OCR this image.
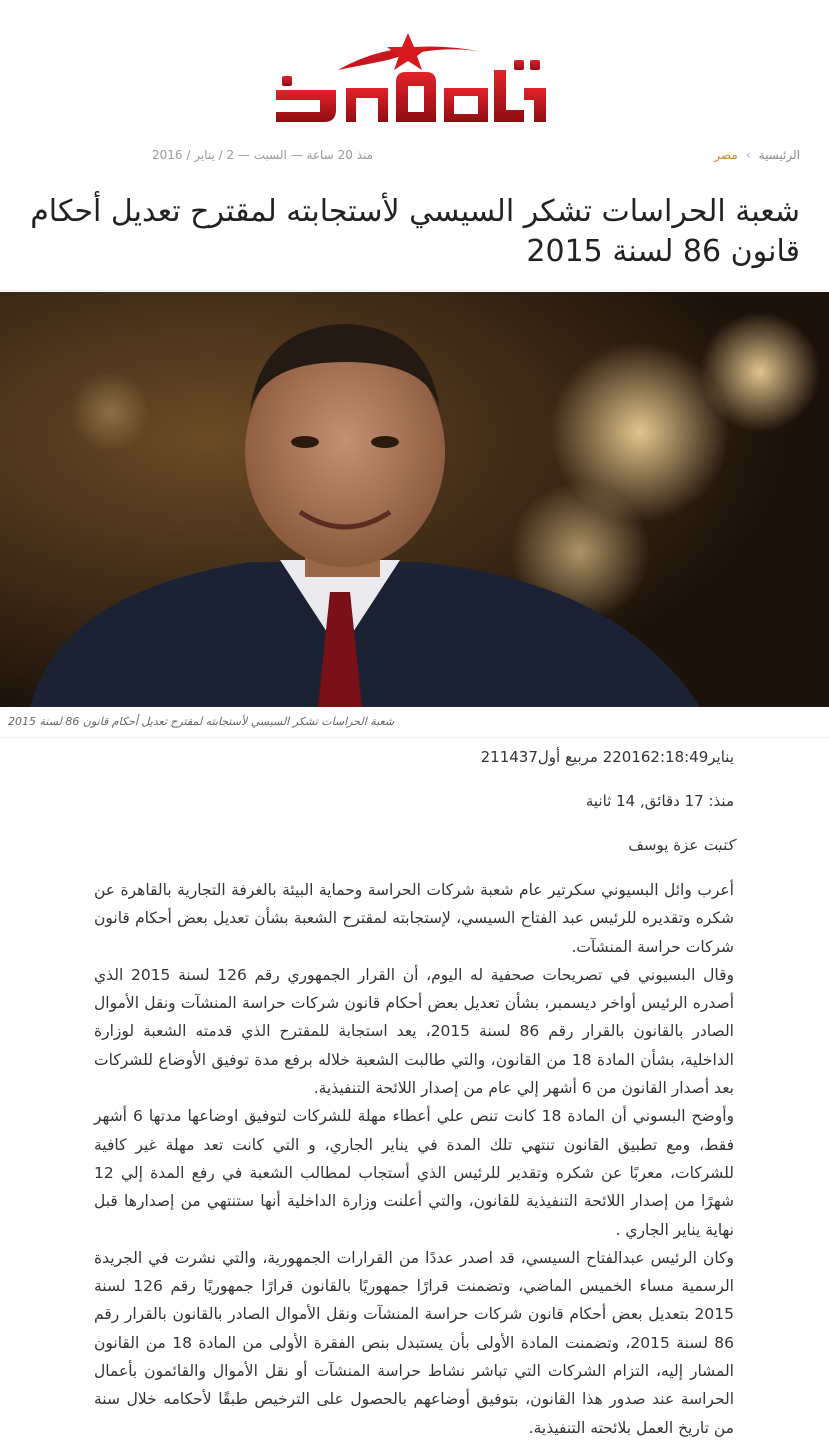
الرئيسية
›
مصر
منذ 20 ساعة — السبت — 2 / يناير / 2016
شعبة الحراسات تشكر السيسي لأستجابته لمقترح تعديل أحكام قانون 86 لسنة 2015
شعبة الحراسات تشكر السيسي لأستجابته لمقترح تعديل أحكام قانون 86 لسنة 2015
يناير220162:18:49 مربيع أول211437
منذ: 17 دقائق, 14 ثانية
كتبت عزة يوسف

أعرب وائل البسيوني سكرتير عام شعبة شركات الحراسة وحماية البيئة بالغرفة التجارية بالقاهرة عن شكره وتقديره للرئيس عبد الفتاح السيسي، لإستجابته لمقترح الشعبة بشأن تعديل بعض أحكام قانون شركات حراسة المنشآت.

وقال البسيوني في تصريحات صحفية له اليوم، أن القرار الجمهوري رقم 126 لسنة 2015 الذي أصدره الرئيس أواخر ديسمبر، بشأن تعديل بعض أحكام قانون شركات حراسة المنشآت ونقل الأموال الصادر بالقانون بالقرار رقم 86 لسنة 2015، يعد استجابة للمقترح الذي قدمته الشعبة لوزارة الداخلية، بشأن المادة 18 من القانون، والتي طالبت الشعبة خلاله برفع مدة توفيق الأوضاع للشركات بعد أصدار القانون من 6 أشهر إلي عام من إصدار اللائحة التنفيذية.

وأوضح البسوني أن المادة 18 كانت تنص علي أعطاء مهلة للشركات لتوفيق اوضاعها مدتها 6 أشهر فقط، ومع تطبيق القانون تنتهي تلك المدة في يناير الجاري، و التي كانت تعد مهلة غير كافية للشركات، معربًا عن شكره وتقدير للرئيس الذي أستجاب لمطالب الشعبة في رفع المدة إلي 12 شهرًا من إصدار اللائحة التنفيذية للقانون، والتي أعلنت وزارة الداخلية أنها ستنتهي من إصدارها قبل نهاية يناير الجاري .

وكان الرئيس عبدالفتاح السيسي، قد اصدر عددًا من القرارات الجمهورية، والتي نشرت في الجريدة الرسمية مساء الخميس الماضي، وتضمنت قرارًا جمهوريًا بالقانون قرارًا جمهوريًا رقم 126 لسنة 2015 بتعديل بعض أحكام قانون شركات حراسة المنشآت ونقل الأموال الصادر بالقانون بالقرار رقم 86 لسنة 2015، وتضمنت المادة الأولى بأن يستبدل بنص الفقرة الأولى من المادة 18 من القانون المشار إليه، التزام الشركات التي تباشر نشاط حراسة المنشآت أو نقل الأموال والقائمون بأعمال الحراسة عند صدور هذا القانون، بتوفيق أوضاعهم بالحصول على الترخيص طبقًا لأحكامه خلال سنة من تاريخ العمل بلائحته التنفيذية.
